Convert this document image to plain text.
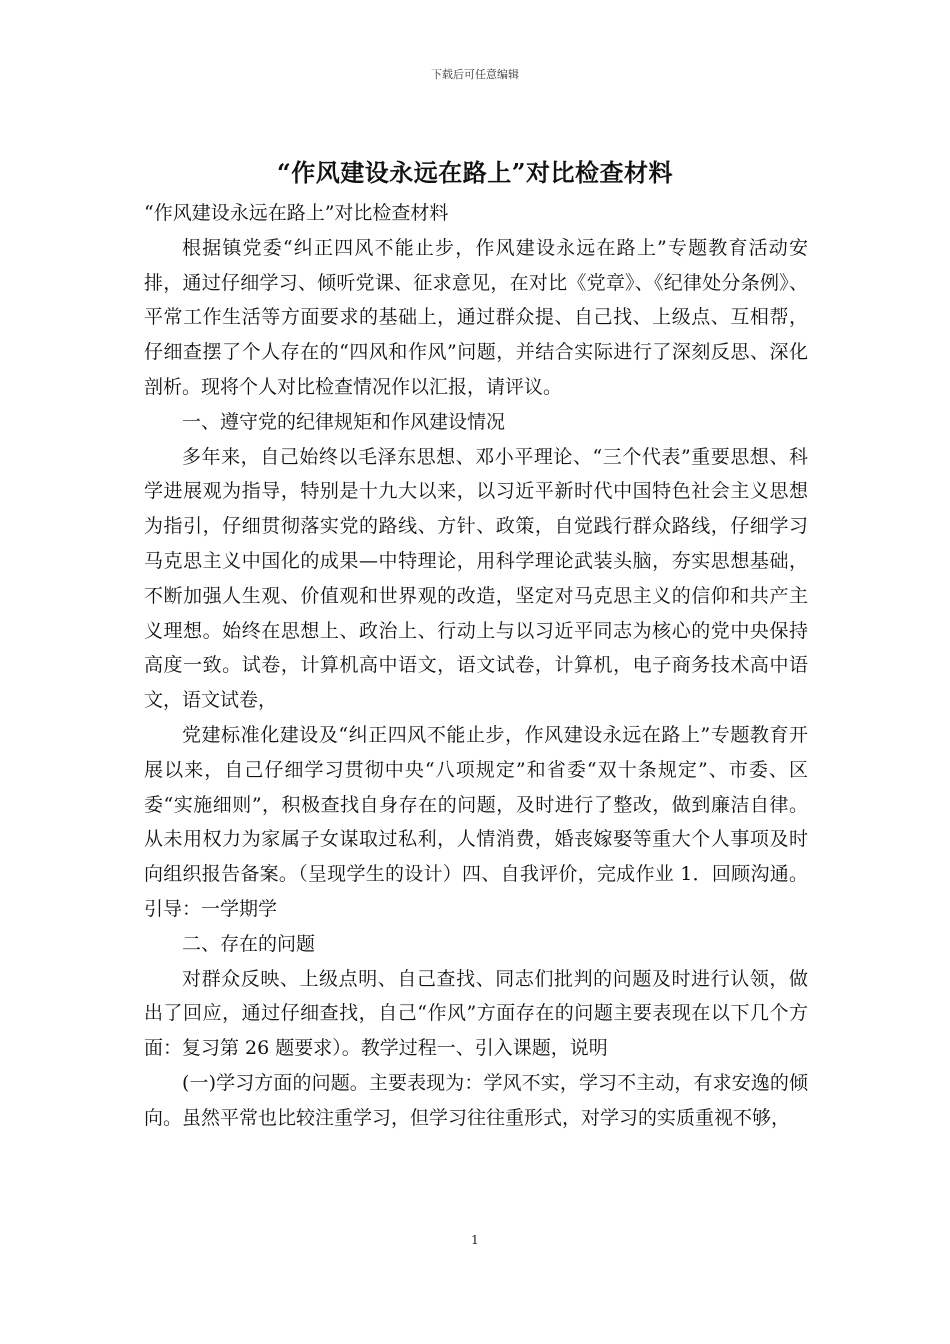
下载后可任意编辑
“作风建设永远在路上”对比检查材料

“作风建设永远在路上”对比检查材料

根据镇党委“纠正四风不能止步，作风建设永远在路上”专题教育活动安排，通过仔细学习、倾听党课、征求意见，在对比《党章》、《纪律处分条例》、平常工作生活等方面要求的基础上，通过群众提、自己找、上级点、互相帮，仔细查摆了个人存在的“四风和作风”问题，并结合实际进行了深刻反思、深化剖析。现将个人对比检查情况作以汇报，请评议。

一、遵守党的纪律规矩和作风建设情况

多年来，自己始终以毛泽东思想、邓小平理论、“三个代表”重要思想、科学进展观为指导，特别是十九大以来，以习近平新时代中国特色社会主义思想为指引，仔细贯彻落实党的路线、方针、政策，自觉践行群众路线，仔细学习马克思主义中国化的成果—中特理论，用科学理论武装头脑，夯实思想基础，不断加强人生观、价值观和世界观的改造，坚定对马克思主义的信仰和共产主义理想。始终在思想上、政治上、行动上与以习近平同志为核心的党中央保持高度一致。试卷，计算机高中语文，语文试卷，计算机，电子商务技术高中语文，语文试卷，

党建标准化建设及“纠正四风不能止步，作风建设永远在路上”专题教育开展以来，自己仔细学习贯彻中央“八项规定”和省委“双十条规定”、市委、区委“实施细则”，积极查找自身存在的问题，及时进行了整改，做到廉洁自律。从未用权力为家属子女谋取过私利，人情消费，婚丧嫁娶等重大个人事项及时向组织报告备案。（呈现学生的设计）四、自我评价，完成作业 1．回顾沟通。引导：一学期学

二、存在的问题

对群众反映、上级点明、自己查找、同志们批判的问题及时进行认领，做出了回应，通过仔细查找，自己“作风”方面存在的问题主要表现在以下几个方面：复习第 26 题要求）。教学过程一、引入课题，说明

(一)学习方面的问题。主要表现为：学风不实，学习不主动，有求安逸的倾向。虽然平常也比较注重学习，但学习往往重形式，对学习的实质重视不够，

1
